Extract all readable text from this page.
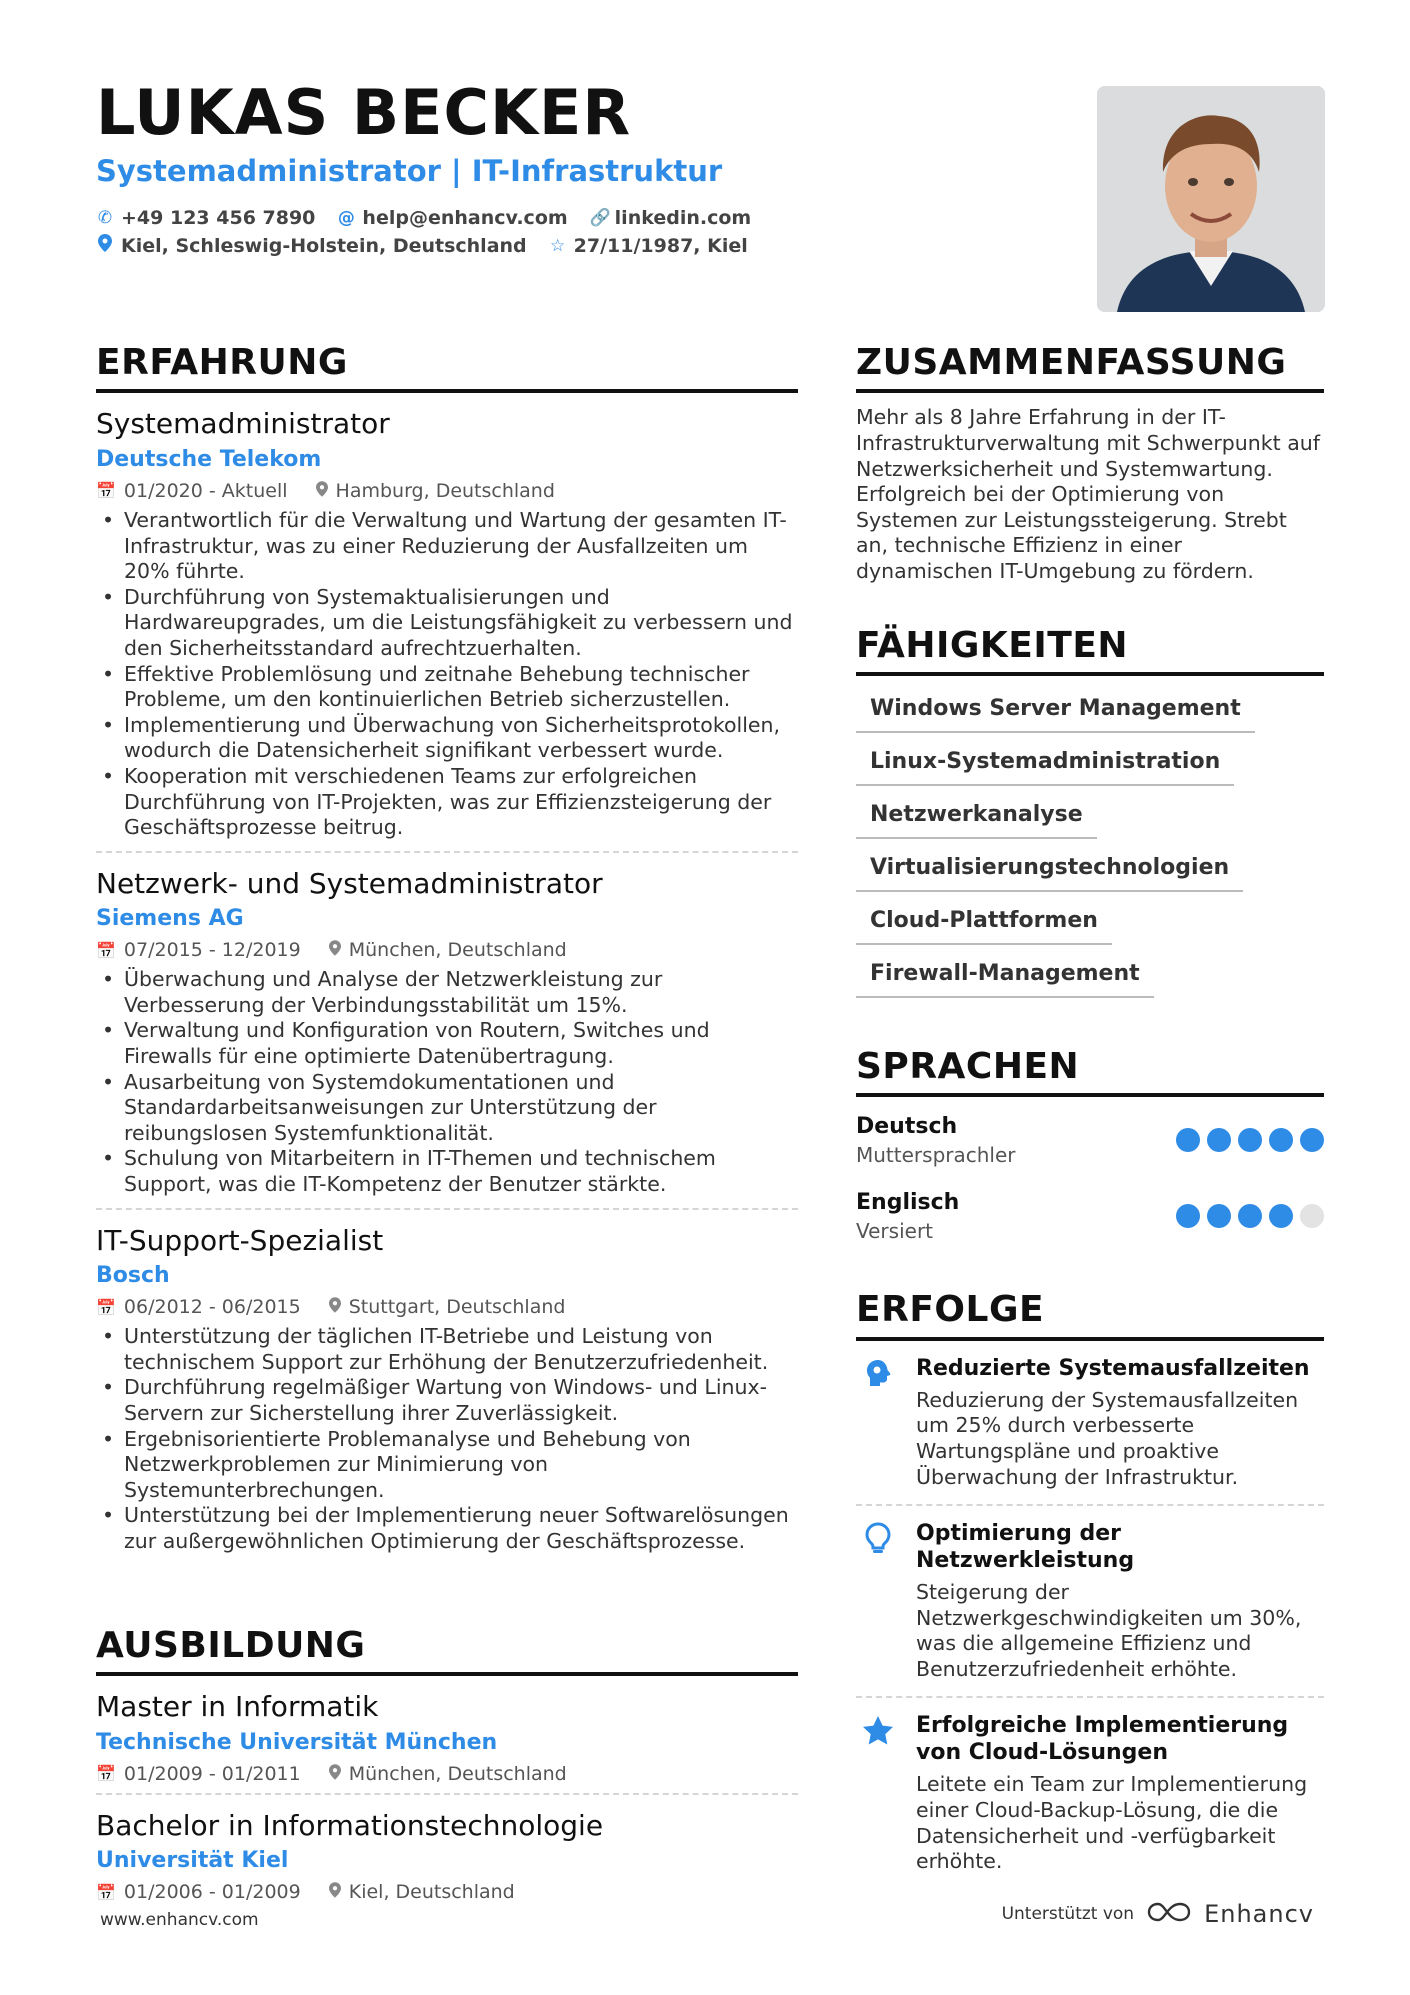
LUKAS BECKER
Systemadministrator | IT-Infrastruktur
✆ +49 123 456 7890 @ help@enhancv.com 🔗 linkedin.com
Kiel, Schleswig-Holstein, Deutschland ☆ 27/11/1987, Kiel
ERFAHRUNG
Systemadministrator
Deutsche Telekom
📅 01/2020 - Aktuell	Hamburg, Deutschland
• Verantwortlich für die Verwaltung und Wartung der gesamten IT-Infrastruktur, was zu einer Reduzierung der Ausfallzeiten um 20% führte.
• Durchführung von Systemaktualisierungen und Hardwareupgrades, um die Leistungsfähigkeit zu verbessern und den Sicherheitsstandard aufrechtzuerhalten.
• Effektive Problemlösung und zeitnahe Behebung technischer Probleme, um den kontinuierlichen Betrieb sicherzustellen.
• Implementierung und Überwachung von Sicherheitsprotokollen, wodurch die Datensicherheit signifikant verbessert wurde.
• Kooperation mit verschiedenen Teams zur erfolgreichen Durchführung von IT-Projekten, was zur Effizienzsteigerung der Geschäftsprozesse beitrug.
Netzwerk- und Systemadministrator
Siemens AG
📅 07/2015 - 12/2019	München, Deutschland
• Überwachung und Analyse der Netzwerkleistung zur Verbesserung der Verbindungsstabilität um 15%.
• Verwaltung und Konfiguration von Routern, Switches und Firewalls für eine optimierte Datenübertragung.
• Ausarbeitung von Systemdokumentationen und Standardarbeitsanweisungen zur Unterstützung der reibungslosen Systemfunktionalität.
• Schulung von Mitarbeitern in IT-Themen und technischem Support, was die IT-Kompetenz der Benutzer stärkte.
IT-Support-Spezialist
Bosch
📅 06/2012 - 06/2015	Stuttgart, Deutschland
• Unterstützung der täglichen IT-Betriebe und Leistung von technischem Support zur Erhöhung der Benutzerzufriedenheit.
• Durchführung regelmäßiger Wartung von Windows- und Linux-Servern zur Sicherstellung ihrer Zuverlässigkeit.
• Ergebnisorientierte Problemanalyse und Behebung von Netzwerkproblemen zur Minimierung von Systemunterbrechungen.
• Unterstützung bei der Implementierung neuer Softwarelösungen zur außergewöhnlichen Optimierung der Geschäftsprozesse.
AUSBILDUNG
Master in Informatik
Technische Universität München
📅 01/2009 - 01/2011	München, Deutschland
Bachelor in Informationstechnologie
Universität Kiel
📅 01/2006 - 01/2009	Kiel, Deutschland
ZUSAMMENFASSUNG
Mehr als 8 Jahre Erfahrung in der IT-Infrastrukturverwaltung mit Schwerpunkt auf Netzwerksicherheit und Systemwartung. Erfolgreich bei der Optimierung von Systemen zur Leistungssteigerung. Strebt an, technische Effizienz in einer dynamischen IT-Umgebung zu fördern.
FÄHIGKEITEN
Windows Server Management
Linux-Systemadministration
Netzwerkanalyse
Virtualisierungstechnologien
Cloud-Plattformen
Firewall-Management
SPRACHEN
Deutsch
Muttersprachler
Englisch
Versiert
ERFOLGE
Reduzierte Systemausfallzeiten
Reduzierung der Systemausfallzeiten um 25% durch verbesserte Wartungspläne und proaktive Überwachung der Infrastruktur.
Optimierung der Netzwerkleistung
Steigerung der Netzwerkgeschwindigkeiten um 30%, was die allgemeine Effizienz und Benutzerzufriedenheit erhöhte.
Erfolgreiche Implementierung von Cloud-Lösungen
Leitete ein Team zur Implementierung einer Cloud-Backup-Lösung, die die Datensicherheit und -verfügbarkeit erhöhte.
www.enhancv.com	Unterstützt von	Enhancv
